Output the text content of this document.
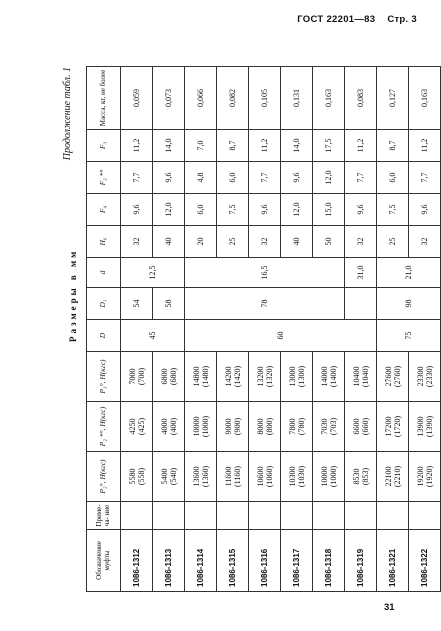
ГОСТ 22201—83 Стр. 3
Размеры в мм
Продолжение табл. 1
Обозначение муфты	Приме- ча- ние	P₂°, Н(кгс)	P₂ *°, Н(кгс)	P₃°, Н(кгс)	D	D₁	d	H₆	F₄	F₂ *°	F₃	Масса, кг, не более
1086-1312		5580 (558)	4250 (425)	7000 (700)	45	54	12,5	32	9,6	7,7	11,2	0,059
1086-1313		5400 (540)	4000 (400)	6800 (680)		58		40	12,0	9,6	14,0	0,073
1086-1314		13600 (1360)	10000 (1000)	14800 (1480)	60	78	16,5	20	6,0	4,8	7,0	0,066
1086-1315		11600 (1160)	9000 (900)	14200 (1420)				25	7,5	6,0	8,7	0,082
1086-1316		10600 (1060)	8000 (800)	13200 (1320)				32	9,6	7,7	11,2	0,105
1086-1317		10300 (1030)	7800 (780)	13000 (1300)				40	12,0	9,6	14,0	0,131
1086-1318		10000 (1000)	7030 (703)	14000 (1400)				50	15,0	12,0	17,5	0,163
1086-1319		8530 (853)	6600 (660)	10400 (1040)			31,0	32	9,6	7,7	11,2	0,083
1086-1321		22100 (2210)	17200 (1720)	27600 (2760)	75	98	21,0	25	7,5	6,0	8,7	0,127
1086-1322		19200 (1920)	13900 (1390)	23300 (2330)				32	9,6	7,7	11,2	0,163
31
